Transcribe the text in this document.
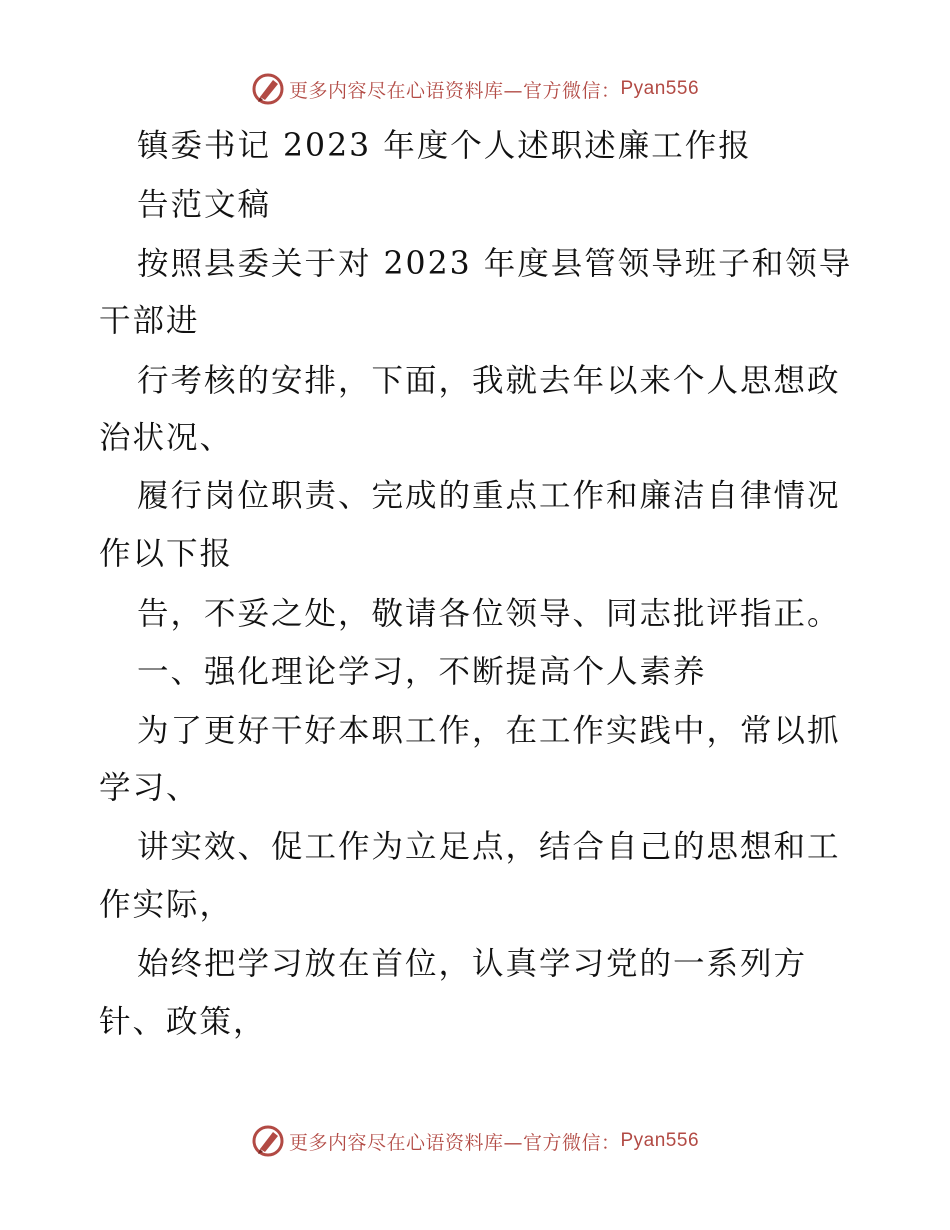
更多内容尽在心语资料库—官方微信： Pyan556
镇委书记 2023 年度个人述职述廉工作报
告范文稿
按照县委关于对 2023 年度县管领导班子和领导
干部进
行考核的安排，下面，我就去年以来个人思想政
治状况、
履行岗位职责、完成的重点工作和廉洁自律情况
作以下报
告，不妥之处，敬请各位领导、同志批评指正。
一、强化理论学习，不断提高个人素养
为了更好干好本职工作，在工作实践中，常以抓
学习、
讲实效、促工作为立足点，结合自己的思想和工
作实际，
始终把学习放在首位，认真学习党的一系列方
针、政策，
更多内容尽在心语资料库—官方微信： Pyan556
